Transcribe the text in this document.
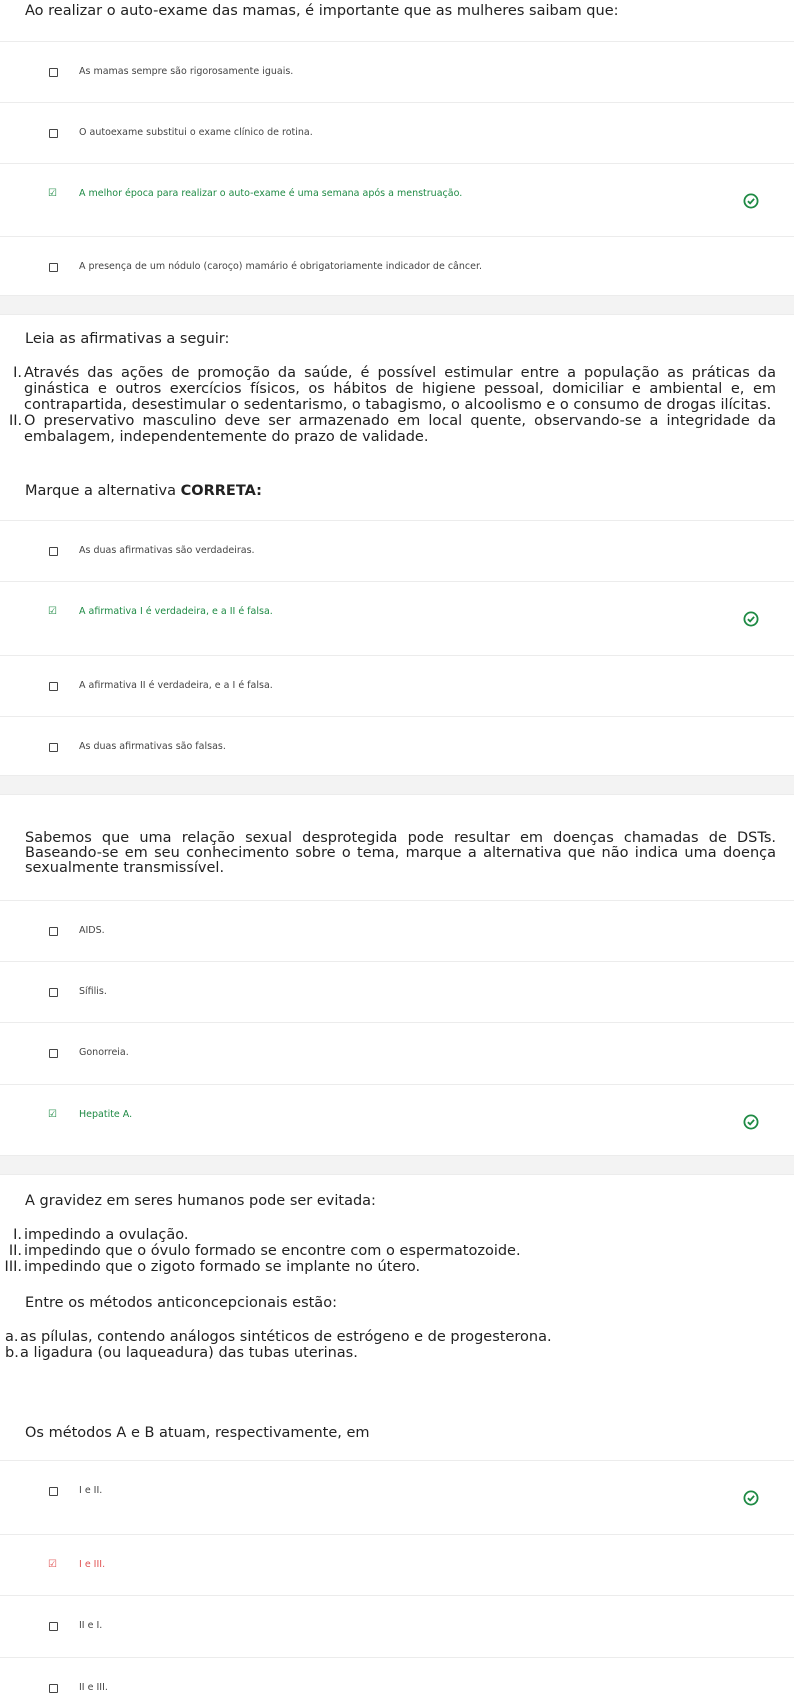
Ao realizar o auto-exame das mamas, é importante que as mulheres saibam que:

As mamas sempre são rigorosamente iguais.
O autoexame substitui o exame clínico de rotina.
☑ A melhor época para realizar o auto-exame é uma semana após a menstruação.
A presença de um nódulo (caroço) mamário é obrigatoriamente indicador de câncer.

Leia as afirmativas a seguir:

I. Através das ações de promoção da saúde, é possível estimular entre a população as práticas da ginástica e outros exercícios físicos, os hábitos de higiene pessoal, domiciliar e ambiental e, em contrapartida, desestimular o sedentarismo, o tabagismo, o alcoolismo e o consumo de drogas ilícitas.
II. O preservativo masculino deve ser armazenado em local quente, observando-se a integridade da embalagem, independentemente do prazo de validade.

Marque a alternativa CORRETA:

As duas afirmativas são verdadeiras.
☑ A afirmativa I é verdadeira, e a II é falsa.
A afirmativa II é verdadeira, e a I é falsa.
As duas afirmativas são falsas.

Sabemos que uma relação sexual desprotegida pode resultar em doenças chamadas de DSTs. Baseando-se em seu conhecimento sobre o tema, marque a alternativa que não indica uma doença sexualmente transmissível.

AIDS.
Sífilis.
Gonorreia.
☑ Hepatite A.

A gravidez em seres humanos pode ser evitada:

I. impedindo a ovulação.
II. impedindo que o óvulo formado se encontre com o espermatozoide.
III. impedindo que o zigoto formado se implante no útero.

Entre os métodos anticoncepcionais estão:

a. as pílulas, contendo análogos sintéticos de estrógeno e de progesterona.
b. a ligadura (ou laqueadura) das tubas uterinas.

Os métodos A e B atuam, respectivamente, em

I e II.
☑ I e III.
II e I.
II e III.
